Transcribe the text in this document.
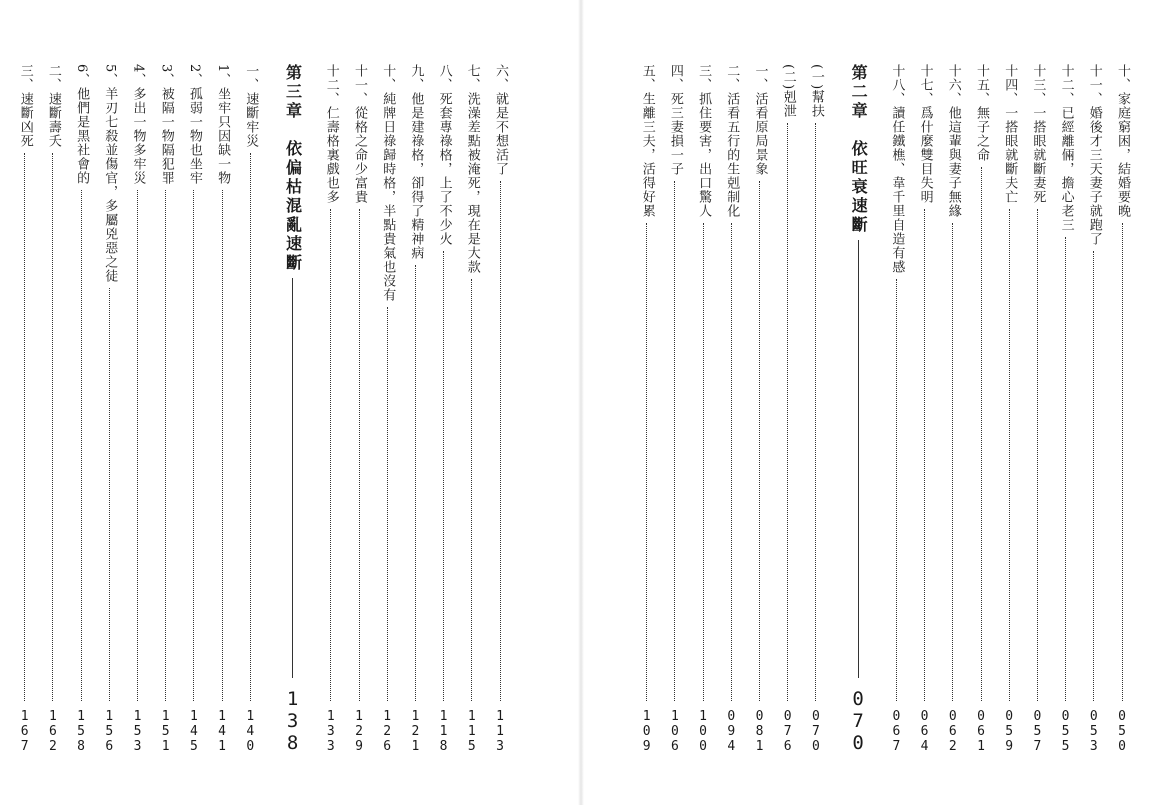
六、就是不想活了
113
七、洗澡差點被淹死，現在是大款
115
八、死套專祿格，上了不少火
118
九、他是建祿格，卻得了精神病
121
十、純牌日祿歸時格，半點貴氣也沒有
126
十一、從格之命少富貴
129
十二、仁壽格裏戲也多
133
第三章　依偏枯混亂速斷
138
一、速斷牢災
140
1、坐牢只因缺一物
141
2、孤弱一物也坐牢
145
3、被隔一物隔犯罪
151
4、多出一物多牢災
153
5、羊刃七殺並傷官，多屬兇惡之徒
156
6、他們是黑社會的
158
二、速斷壽夭
162
三、速斷凶死
167
十、家庭窮困，結婚要晚
050
十一、婚後才三天妻子就跑了
053
十二、已經離倆，擔心老三
055
十三、一搭眼就斷妻死
057
十四、一搭眼就斷夫亡
059
十五、無子之命
061
十六、他這輩與妻子無緣
062
十七、爲什麼雙目失明
064
十八、讀任鐵樵、韋千里自造有感
067
第二章　依旺衰速斷
070
(一)幫扶
070
(二)剋泄
076
一、活看原局景象
081
二、活看五行的生剋制化
094
三、抓住要害，出口驚人
100
四、死三妻損一子
106
五、生離三夫，活得好累
109
